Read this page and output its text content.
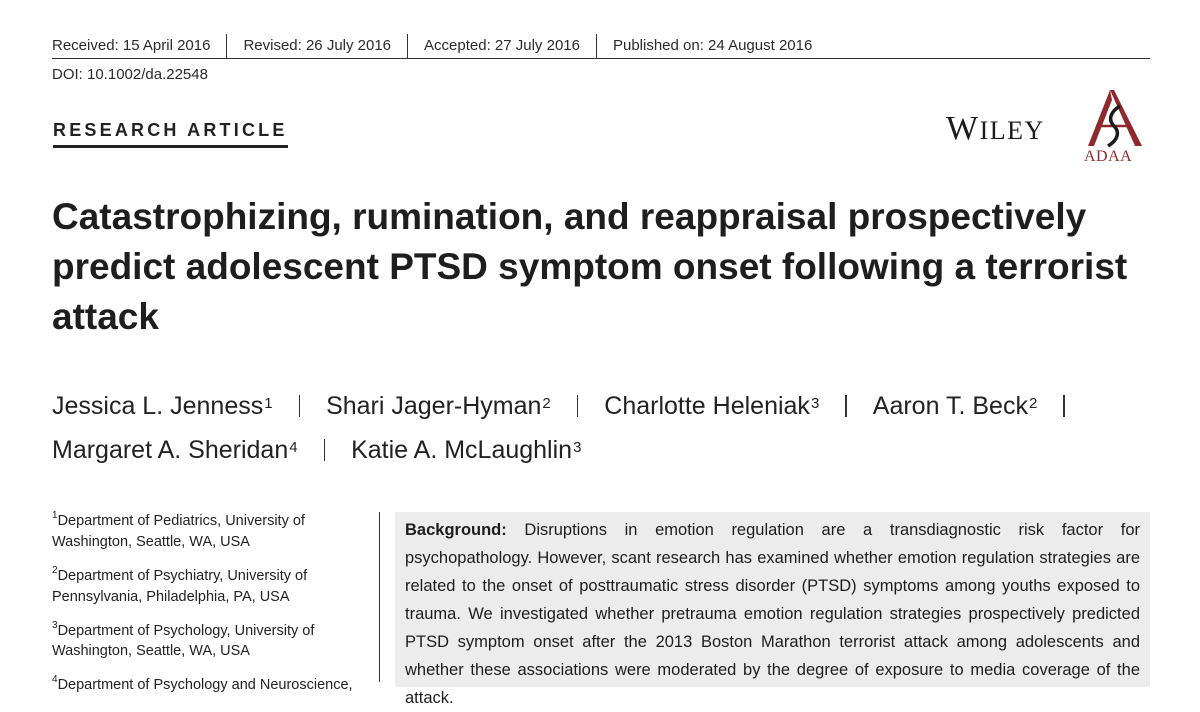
Received: 15 April 2016	Revised: 26 July 2016	Accepted: 27 July 2016	Published on: 24 August 2016
DOI: 10.1002/da.22548
RESEARCH ARTICLE	WILEY
ADAA
Catastrophizing, rumination, and reappraisal prospectively predict adolescent PTSD symptom onset following a terrorist attack
Jessica L. Jenness$^1$ Shari Jager-Hyman$^2$ Charlotte Heleniak$^3$ Aaron T. Beck$^2$
Margaret A. Sheridan$^4$ Katie A. McLaughlin$^3$
$^1$Department of Pediatrics, University of Washington, Seattle, WA, USA
$^2$Department of Psychiatry, University of Pennsylvania, Philadelphia, PA, USA
$^3$Department of Psychology, University of Washington, Seattle, WA, USA
$^4$Department of Psychology and Neuroscience,
Background: Disruptions in emotion regulation are a transdiagnostic risk factor for psychopathology. However, scant research has examined whether emotion regulation strategies are related to the onset of posttraumatic stress disorder (PTSD) symptoms among youths exposed to trauma. We investigated whether pretrauma emotion regulation strategies prospectively predicted PTSD symptom onset after the 2013 Boston Marathon terrorist attack among adolescents and whether these associations were moderated by the degree of exposure to media coverage of the attack.
